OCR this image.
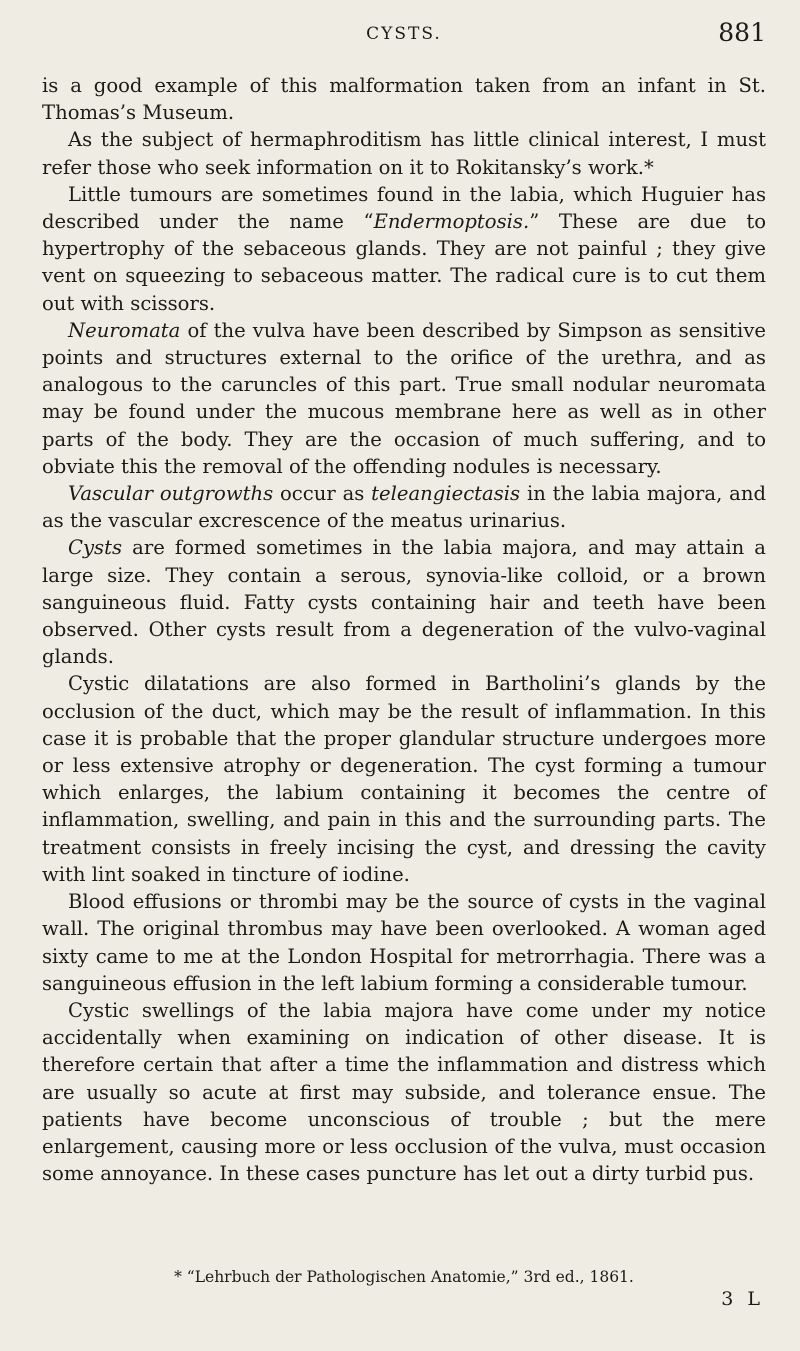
CYSTS.	881

is a good example of this malformation taken from an infant in St. Thomas’s Museum.

As the subject of hermaphroditism has little clinical interest, I must refer those who seek information on it to Rokitansky’s work.*

Little tumours are sometimes found in the labia, which Huguier has described under the name “Endermoptosis.” These are due to hypertrophy of the sebaceous glands. They are not painful ; they give vent on squeezing to sebaceous matter. The radical cure is to cut them out with scissors.

Neuromata of the vulva have been described by Simpson as sensitive points and structures external to the orifice of the urethra, and as analogous to the caruncles of this part. True small nodular neuromata may be found under the mucous membrane here as well as in other parts of the body. They are the occasion of much suffering, and to obviate this the removal of the offending nodules is necessary.

Vascular outgrowths occur as teleangiectasis in the labia majora, and as the vascular excrescence of the meatus urinarius.

Cysts are formed sometimes in the labia majora, and may attain a large size. They contain a serous, synovia-like colloid, or a brown sanguineous fluid. Fatty cysts containing hair and teeth have been observed. Other cysts result from a degeneration of the vulvo-vaginal glands.

Cystic dilatations are also formed in Bartholini’s glands by the occlusion of the duct, which may be the result of inflammation. In this case it is probable that the proper glandular structure undergoes more or less extensive atrophy or degeneration. The cyst forming a tumour which enlarges, the labium containing it becomes the centre of inflammation, swelling, and pain in this and the surrounding parts. The treatment consists in freely incising the cyst, and dressing the cavity with lint soaked in tincture of iodine.

Blood effusions or thrombi may be the source of cysts in the vaginal wall. The original thrombus may have been overlooked. A woman aged sixty came to me at the London Hospital for metrorrhagia. There was a sanguineous effusion in the left labium forming a considerable tumour.

Cystic swellings of the labia majora have come under my notice accidentally when examining on indication of other disease. It is therefore certain that after a time the inflammation and distress which are usually so acute at first may subside, and tolerance ensue. The patients have become unconscious of trouble ; but the mere enlargement, causing more or less occlusion of the vulva, must occasion some annoyance. In these cases puncture has let out a dirty turbid pus.

* “Lehrbuch der Pathologischen Anatomie,” 3rd ed., 1861.
3 L
